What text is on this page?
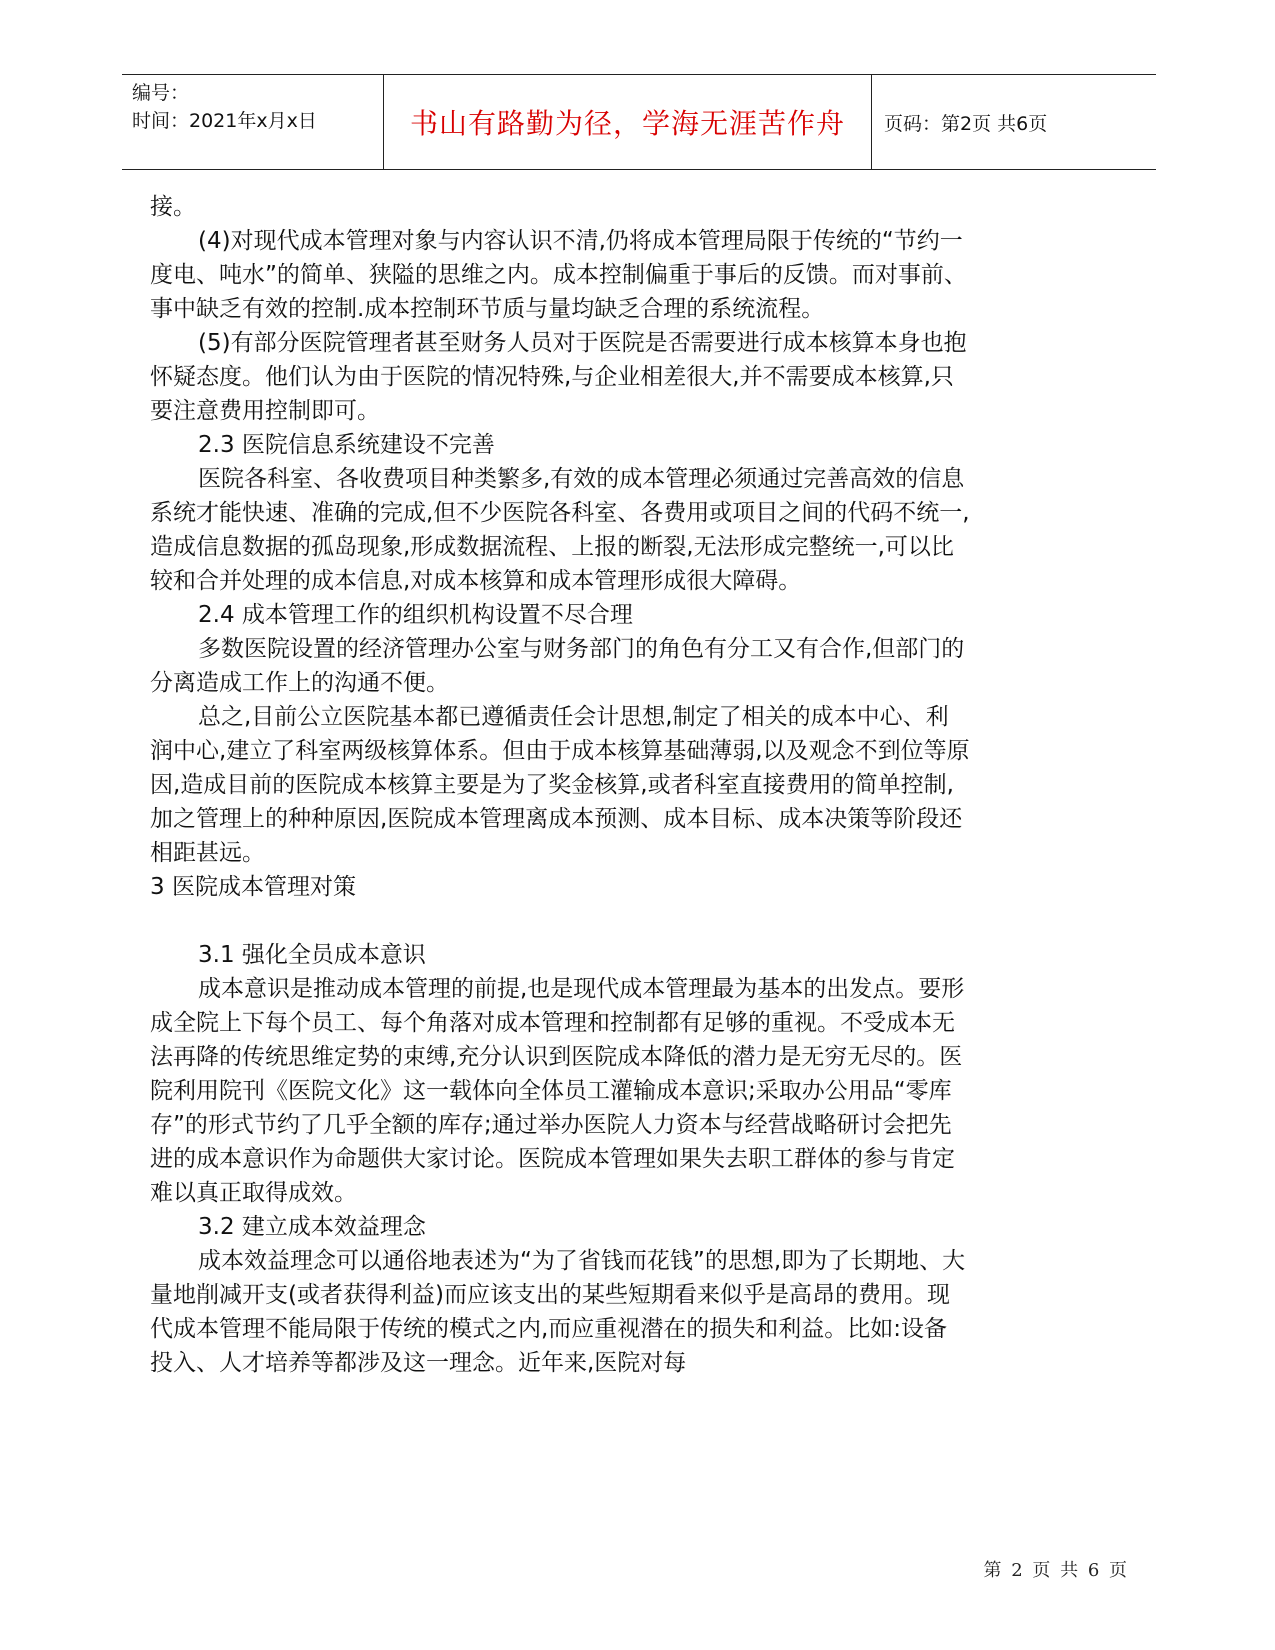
编号：
时间：2021年x月x日	书山有路勤为径，学海无涯苦作舟	页码：第2页 共6页

接。

(4)对现代成本管理对象与内容认识不清,仍将成本管理局限于传统的“节约一度电、吨水”的简单、狭隘的思维之内。成本控制偏重于事后的反馈。而对事前、事中缺乏有效的控制.成本控制环节质与量均缺乏合理的系统流程。

(5)有部分医院管理者甚至财务人员对于医院是否需要进行成本核算本身也抱怀疑态度。他们认为由于医院的情况特殊,与企业相差很大,并不需要成本核算,只要注意费用控制即可。

2.3 医院信息系统建设不完善

医院各科室、各收费项目种类繁多,有效的成本管理必须通过完善高效的信息系统才能快速、准确的完成,但不少医院各科室、各费用或项目之间的代码不统一,造成信息数据的孤岛现象,形成数据流程、上报的断裂,无法形成完整统一,可以比较和合并处理的成本信息,对成本核算和成本管理形成很大障碍。

2.4 成本管理工作的组织机构设置不尽合理

多数医院设置的经济管理办公室与财务部门的角色有分工又有合作,但部门的分离造成工作上的沟通不便。

总之,目前公立医院基本都已遵循责任会计思想,制定了相关的成本中心、利润中心,建立了科室两级核算体系。但由于成本核算基础薄弱,以及观念不到位等原因,造成目前的医院成本核算主要是为了奖金核算,或者科室直接费用的简单控制,加之管理上的种种原因,医院成本管理离成本预测、成本目标、成本决策等阶段还相距甚远。

3 医院成本管理对策

3.1 强化全员成本意识

成本意识是推动成本管理的前提,也是现代成本管理最为基本的出发点。要形成全院上下每个员工、每个角落对成本管理和控制都有足够的重视。不受成本无法再降的传统思维定势的束缚,充分认识到医院成本降低的潜力是无穷无尽的。医院利用院刊《医院文化》这一载体向全体员工灌输成本意识;采取办公用品“零库存”的形式节约了几乎全额的库存;通过举办医院人力资本与经营战略研讨会把先进的成本意识作为命题供大家讨论。医院成本管理如果失去职工群体的参与肯定难以真正取得成效。

3.2 建立成本效益理念

成本效益理念可以通俗地表述为“为了省钱而花钱”的思想,即为了长期地、大量地削减开支(或者获得利益)而应该支出的某些短期看来似乎是高昂的费用。现代成本管理不能局限于传统的模式之内,而应重视潜在的损失和利益。比如:设备投入、人才培养等都涉及这一理念。近年来,医院对每

第 2 页 共 6 页
